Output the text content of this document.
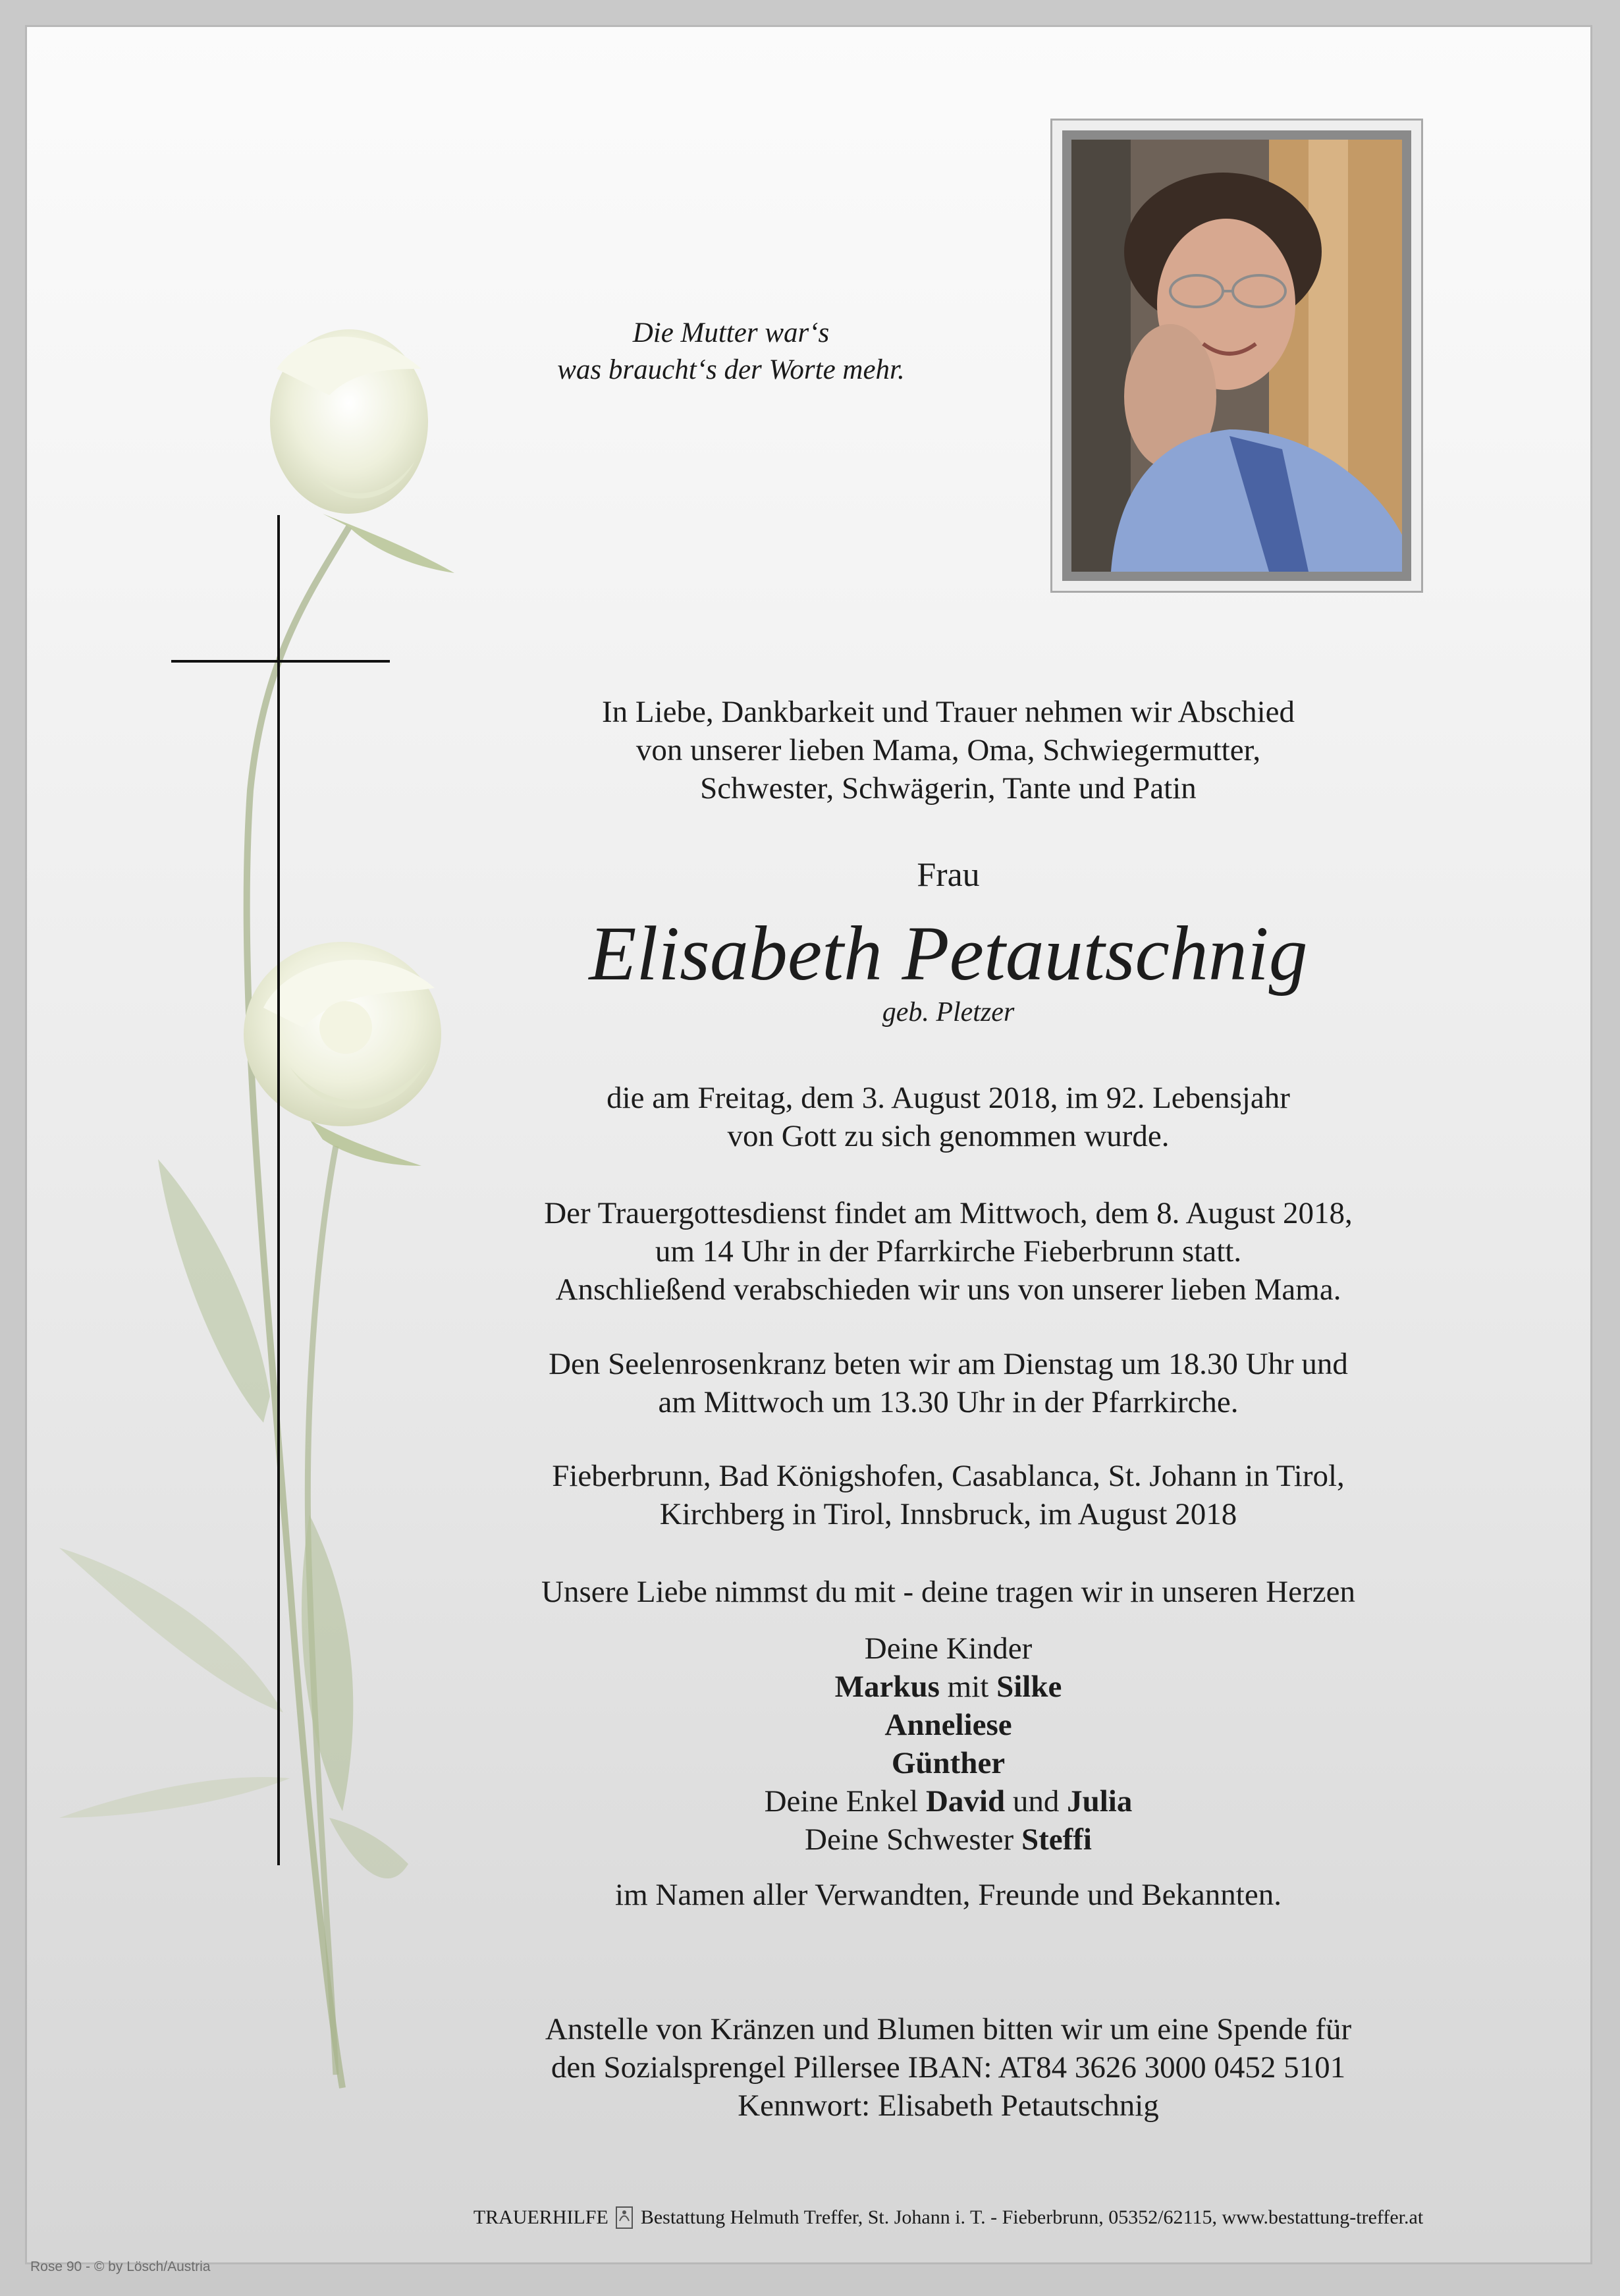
Die Mutter war‘s
was braucht‘s der Worte mehr.
In Liebe, Dankbarkeit und Trauer nehmen wir Abschied
von unserer lieben Mama, Oma, Schwiegermutter,
Schwester, Schwägerin, Tante und Patin
Frau
Elisabeth Petautschnig
geb. Pletzer
die am Freitag, dem 3. August 2018, im 92. Lebensjahr
von Gott zu sich genommen wurde.
Der Trauergottesdienst findet am Mittwoch, dem 8. August 2018,
um 14 Uhr in der Pfarrkirche Fieberbrunn statt.
Anschließend verabschieden wir uns von unserer lieben Mama.
Den Seelenrosenkranz beten wir am Dienstag um 18.30 Uhr und
am Mittwoch um 13.30 Uhr in der Pfarrkirche.
Fieberbrunn, Bad Königshofen, Casablanca, St. Johann in Tirol,
Kirchberg in Tirol, Innsbruck, im August 2018
Unsere Liebe nimmst du mit - deine tragen wir in unseren Herzen
Deine Kinder
Markus mit Silke
Anneliese
Günther
Deine Enkel David und Julia
Deine Schwester Steffi
im Namen aller Verwandten, Freunde und Bekannten.
Anstelle von Kränzen und Blumen bitten wir um eine Spende für
den Sozialsprengel Pillersee IBAN: AT84 3626 3000 0452 5101
Kennwort: Elisabeth Petautschnig
TRAUERHILFE Bestattung Helmuth Treffer, St. Johann i. T. - Fieberbrunn, 05352/62115, www.bestattung-treffer.at
Rose 90 - © by Lösch/Austria
